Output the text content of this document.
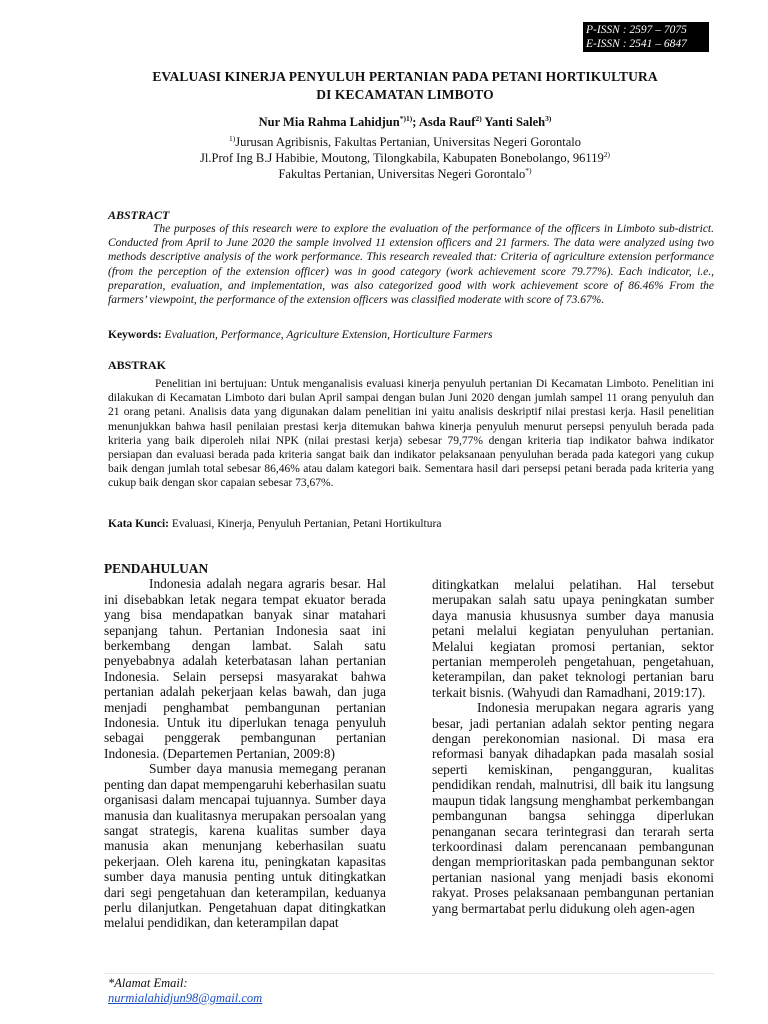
P-ISSN : 2597 – 7075
E-ISSN : 2541 – 6847
EVALUASI KINERJA PENYULUH PERTANIAN PADA PETANI HORTIKULTURA
DI KECAMATAN LIMBOTO
Nur Mia Rahma Lahidjun$^{*)1)}$; Asda Rauf$^{2)}$ Yanti Saleh$^{3)}$
$^{1)}$Jurusan Agribisnis, Fakultas Pertanian, Universitas Negeri Gorontalo
Jl.Prof Ing B.J Habibie, Moutong, Tilongkabila, Kabupaten Bonebolango, 96119$^{2)}$
Fakultas Pertanian, Universitas Negeri Gorontalo*)
ABSTRACT
The purposes of this research were to explore the evaluation of the performance of the officers in Limboto sub-district. Conducted from April to June 2020 the sample involved 11 extension officers and 21 farmers. The data were analyzed using two methods descriptive analysis of the work performance. This research revealed that: Criteria of agriculture extension performance (from the perception of the extension officer) was in good category (work achievement score 79.77%). Each indicator, i.e., preparation, evaluation, and implementation, was also categorized good with work achievement score of 86.46% From the farmers’ viewpoint, the performance of the extension officers was classified moderate with score of 73.67%.
Keywords: Evaluation, Performance, Agriculture Extension, Horticulture Farmers
ABSTRAK
Penelitian ini bertujuan: Untuk menganalisis evaluasi kinerja penyuluh pertanian Di Kecamatan Limboto. Penelitian ini dilakukan di Kecamatan Limboto dari bulan April sampai dengan bulan Juni 2020 dengan jumlah sampel 11 orang penyuluh dan 21 orang petani. Analisis data yang digunakan dalam penelitian ini yaitu analisis deskriptif nilai prestasi kerja. Hasil penelitian menunjukkan bahwa hasil penilaian prestasi kerja ditemukan bahwa kinerja penyuluh menurut persepsi penyuluh berada pada kriteria yang baik diperoleh nilai NPK (nilai prestasi kerja) sebesar 79,77% dengan kriteria tiap indikator bahwa indikator persiapan dan evaluasi berada pada kriteria sangat baik dan indikator pelaksanaan penyuluhan berada pada kategori yang cukup baik dengan jumlah total sebesar 86,46% atau dalam kategori baik. Sementara hasil dari persepsi petani berada pada kriteria yang cukup baik dengan skor capaian sebesar 73,67%.
Kata Kunci: Evaluasi, Kinerja, Penyuluh Pertanian, Petani Hortikultura
PENDAHULUAN

Indonesia adalah negara agraris besar. Hal ini disebabkan letak negara tempat ekuator berada yang bisa mendapatkan banyak sinar matahari sepanjang tahun. Pertanian Indonesia saat ini berkembang dengan lambat. Salah satu penyebabnya adalah keterbatasan lahan pertanian Indonesia. Selain persepsi masyarakat bahwa pertanian adalah pekerjaan kelas bawah, dan juga menjadi penghambat pembangunan pertanian Indonesia. Untuk itu diperlukan tenaga penyuluh sebagai penggerak pembangunan pertanian Indonesia. (Departemen Pertanian, 2009:8)

Sumber daya manusia memegang peranan penting dan dapat mempengaruhi keberhasilan suatu organisasi dalam mencapai tujuannya. Sumber daya manusia dan kualitasnya merupakan persoalan yang sangat strategis, karena kualitas sumber daya manusia akan menunjang keberhasilan suatu pekerjaan. Oleh karena itu, peningkatan kapasitas sumber daya manusia penting untuk ditingkatkan dari segi pengetahuan dan keterampilan, keduanya perlu dilanjutkan. Pengetahuan dapat ditingkatkan melalui pendidikan, dan keterampilan dapat

ditingkatkan melalui pelatihan. Hal tersebut merupakan salah satu upaya peningkatan sumber daya manusia khususnya sumber daya manusia petani melalui kegiatan penyuluhan pertanian. Melalui kegiatan promosi pertanian, sektor pertanian memperoleh pengetahuan, pengetahuan, keterampilan, dan paket teknologi pertanian baru terkait bisnis. (Wahyudi dan Ramadhani, 2019:17).

Indonesia merupakan negara agraris yang besar, jadi pertanian adalah sektor penting negara dengan perekonomian nasional. Di masa era reformasi banyak dihadapkan pada masalah sosial seperti kemiskinan, pengangguran, kualitas pendidikan rendah, malnutrisi, dll baik itu langsung maupun tidak langsung menghambat perkembangan pembangunan bangsa sehingga diperlukan penanganan secara terintegrasi dan terarah serta terkoordinasi dalam perencanaan pembangunan dengan memprioritaskan pada pembangunan sektor pertanian nasional yang menjadi basis ekonomi rakyat. Proses pelaksanaan pembangunan pertanian yang bermartabat perlu didukung oleh agen-agen

*Alamat Email:
nurmialahidjun98@gmail.com
